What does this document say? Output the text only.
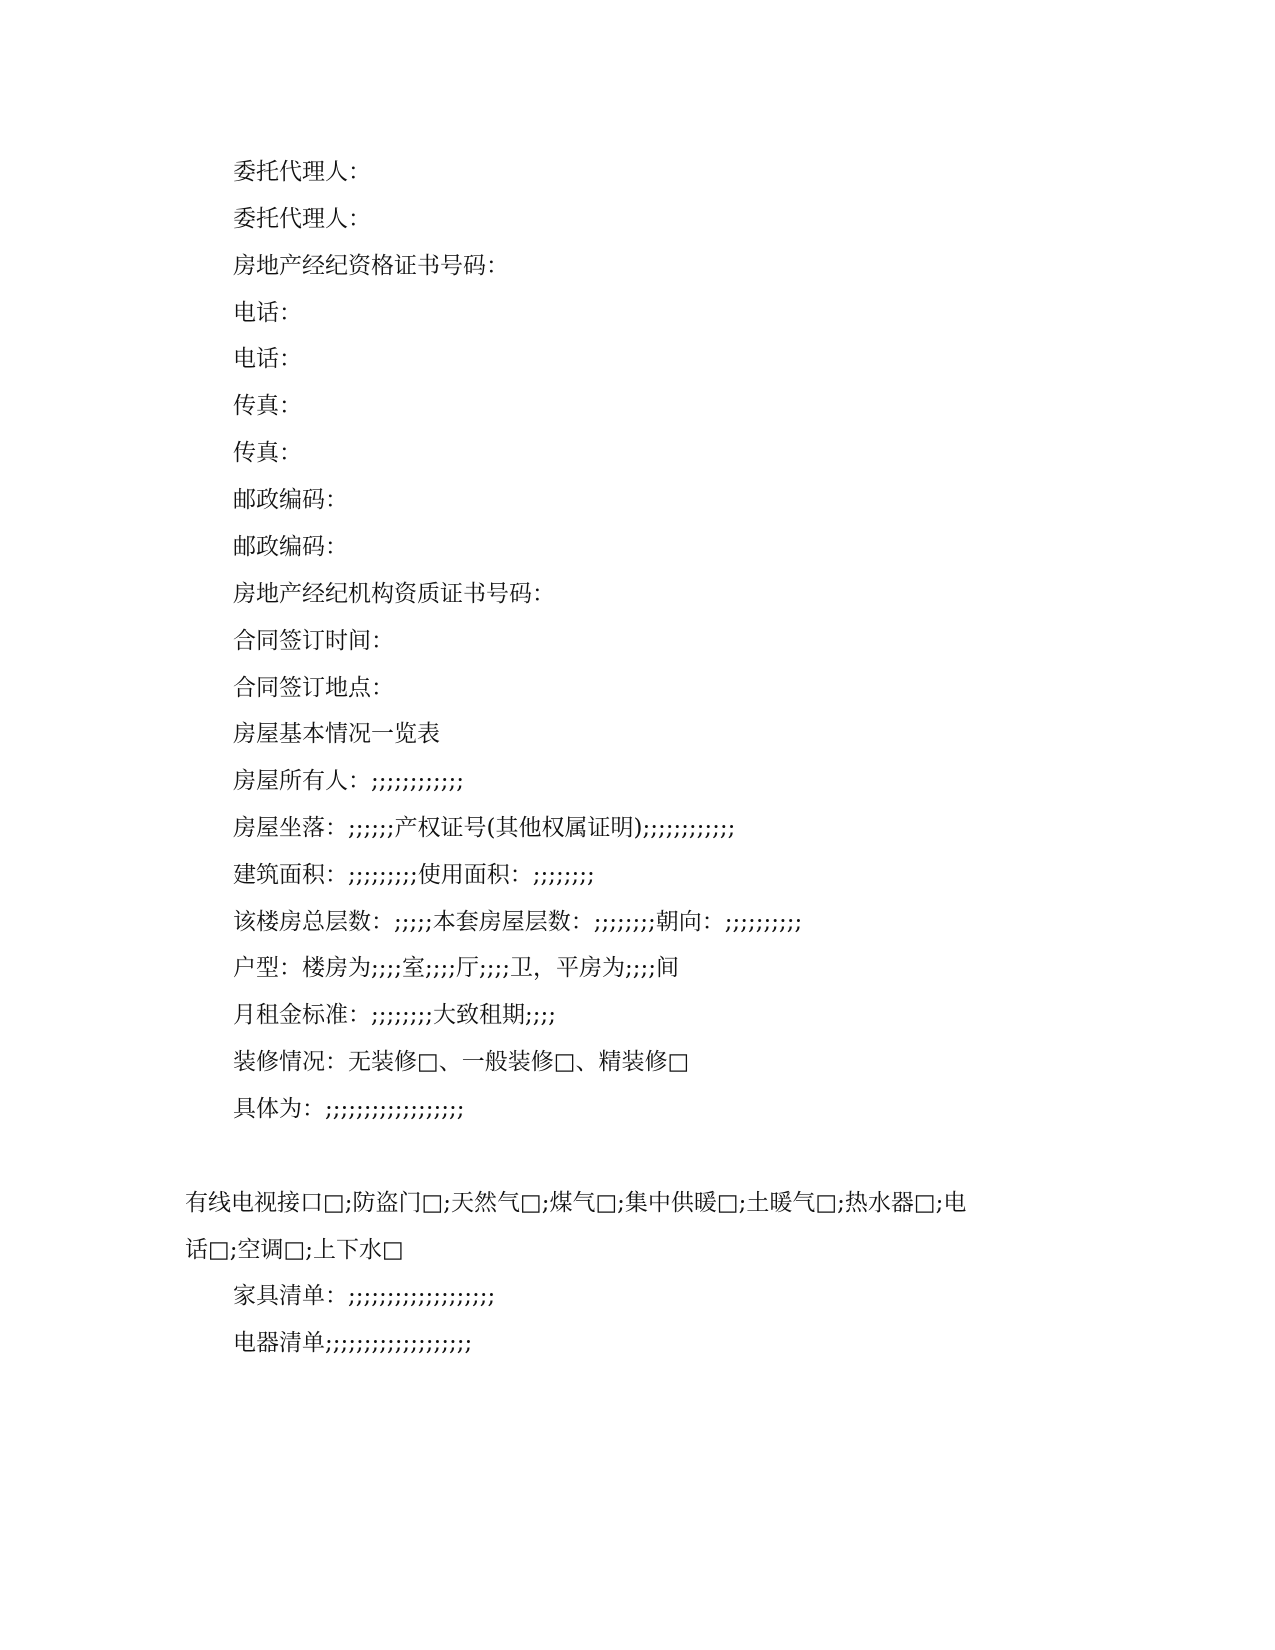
委托代理人：
委托代理人：
房地产经纪资格证书号码：
电话：
电话：
传真：
传真：
邮政编码：
邮政编码：
房地产经纪机构资质证书号码：
合同签订时间：
合同签订地点：
房屋基本情况一览表
房屋所有人：;;;;;;;;;;;;
房屋坐落：;;;;;;产权证号(其他权属证明);;;;;;;;;;;;
建筑面积：;;;;;;;;;使用面积：;;;;;;;;
该楼房总层数：;;;;;本套房屋层数：;;;;;;;;朝向：;;;;;;;;;;
户型：楼房为;;;;室;;;;厅;;;;卫，平房为;;;;间
月租金标准：;;;;;;;;大致租期;;;;
装修情况：无装修□、一般装修□、精装修□
具体为：;;;;;;;;;;;;;;;;;;
有线电视接口□;防盗门□;天然气□;煤气□;集中供暖□;土暖气□;热水器□;电
话□;空调□;上下水□
家具清单：;;;;;;;;;;;;;;;;;;;
电器清单;;;;;;;;;;;;;;;;;;;
